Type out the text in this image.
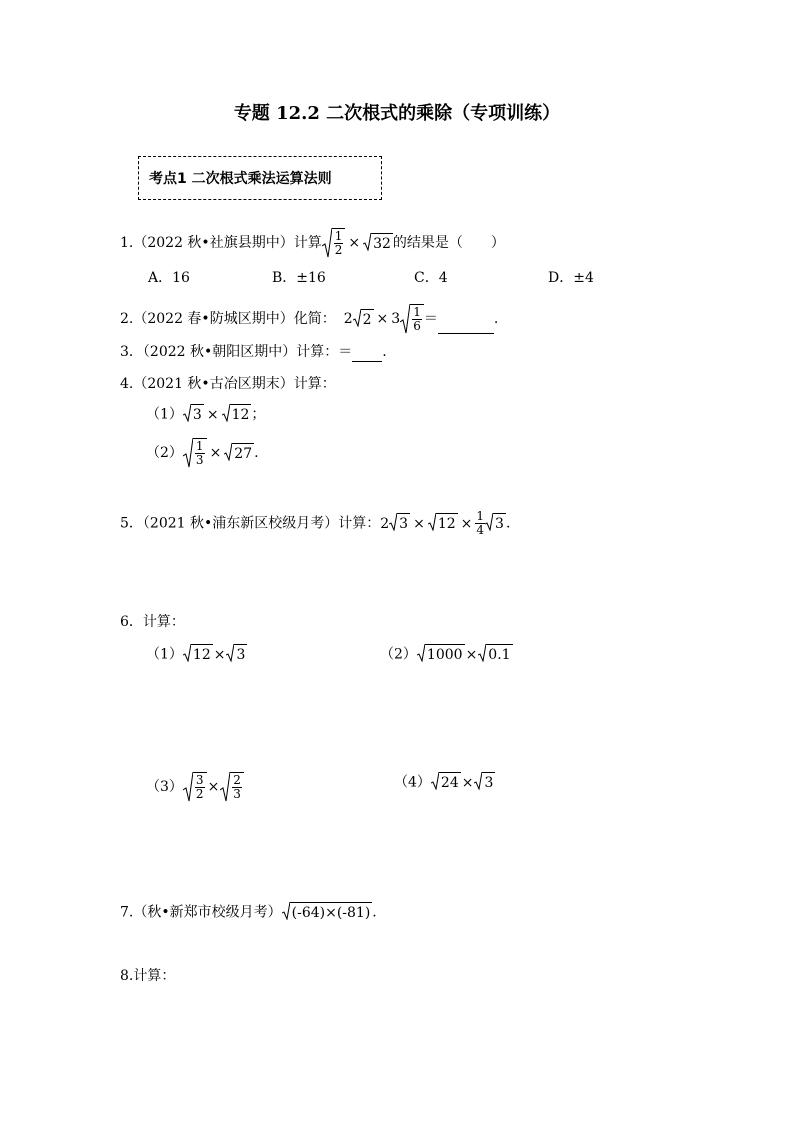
专题 12.2 二次根式的乘除（专项训练）
考点1 二次根式乘法运算法则
1.（2022 秋•社旗县期中）计算 $\frac{1}{2} \times 32$ 的结果是（　　）
A．16	B．±16	C．4	D．±4
2.（2022 春•防城区期中）化简： 2 $2 \times 3 \frac{1}{6}$ ＝	.
3．（2022 秋•朝阳区期中）计算：＝ .
4.（2021 秋•古冶区期末）计算：
（1） 3 × 12 ；
$(2) \frac{1}{3} \times 27$ .
5．（2021 秋•浦东新区校级月考）计算： 2 $3 \times 12 \times \frac{1}{4} 3$ .
6．计算：
（1） 12 × 3	（2） 1000 × 0.1
$(3) \frac{3}{2} \times \frac{2}{3}$	（4） 24 × 3
7.（秋•新郑市校级月考） (-64)×(-81) .
8.计算：
